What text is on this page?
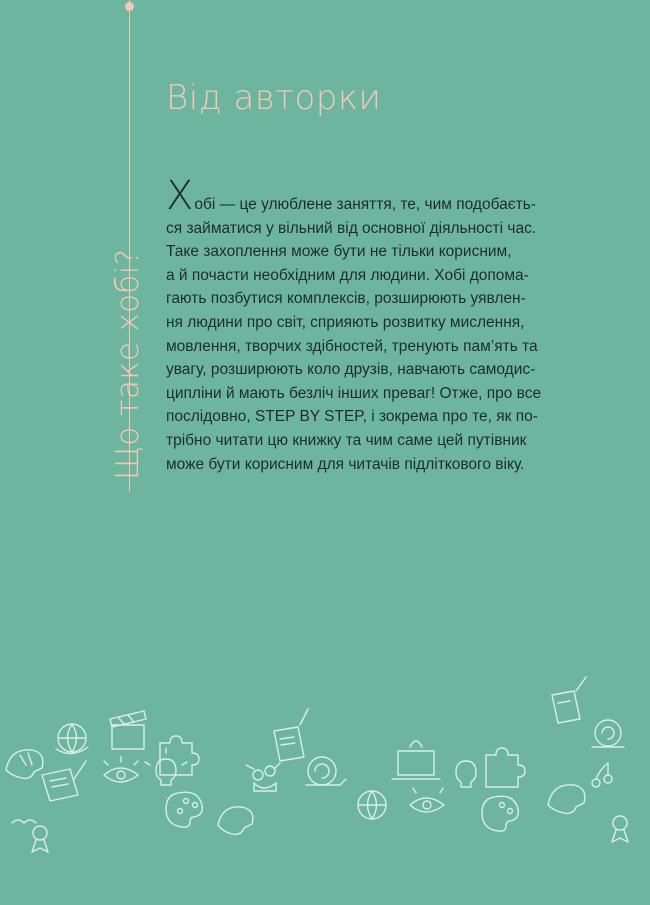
Що таке хобі?
Від авторки
Хобі — це улюблене заняття, те, чим подобаєть-
ся займатися у вільний від основної діяльності час.
Таке захоплення може бути не тільки корисним,
а й почасти необхідним для людини. Хобі допома-
гають позбутися комплексів, розширюють уявлен-
ня людини про світ, сприяють розвитку мислення,
мовлення, творчих здібностей, тренують пам’ять та
увагу, розширюють коло друзів, навчають самодис-
ципліни й мають безліч інших преваг! Отже, про все
послідовно, STEP BY STEP, і зокрема про те, як по-
трібно читати цю книжку та чим саме цей путівник
може бути корисним для читачів підліткового віку.
